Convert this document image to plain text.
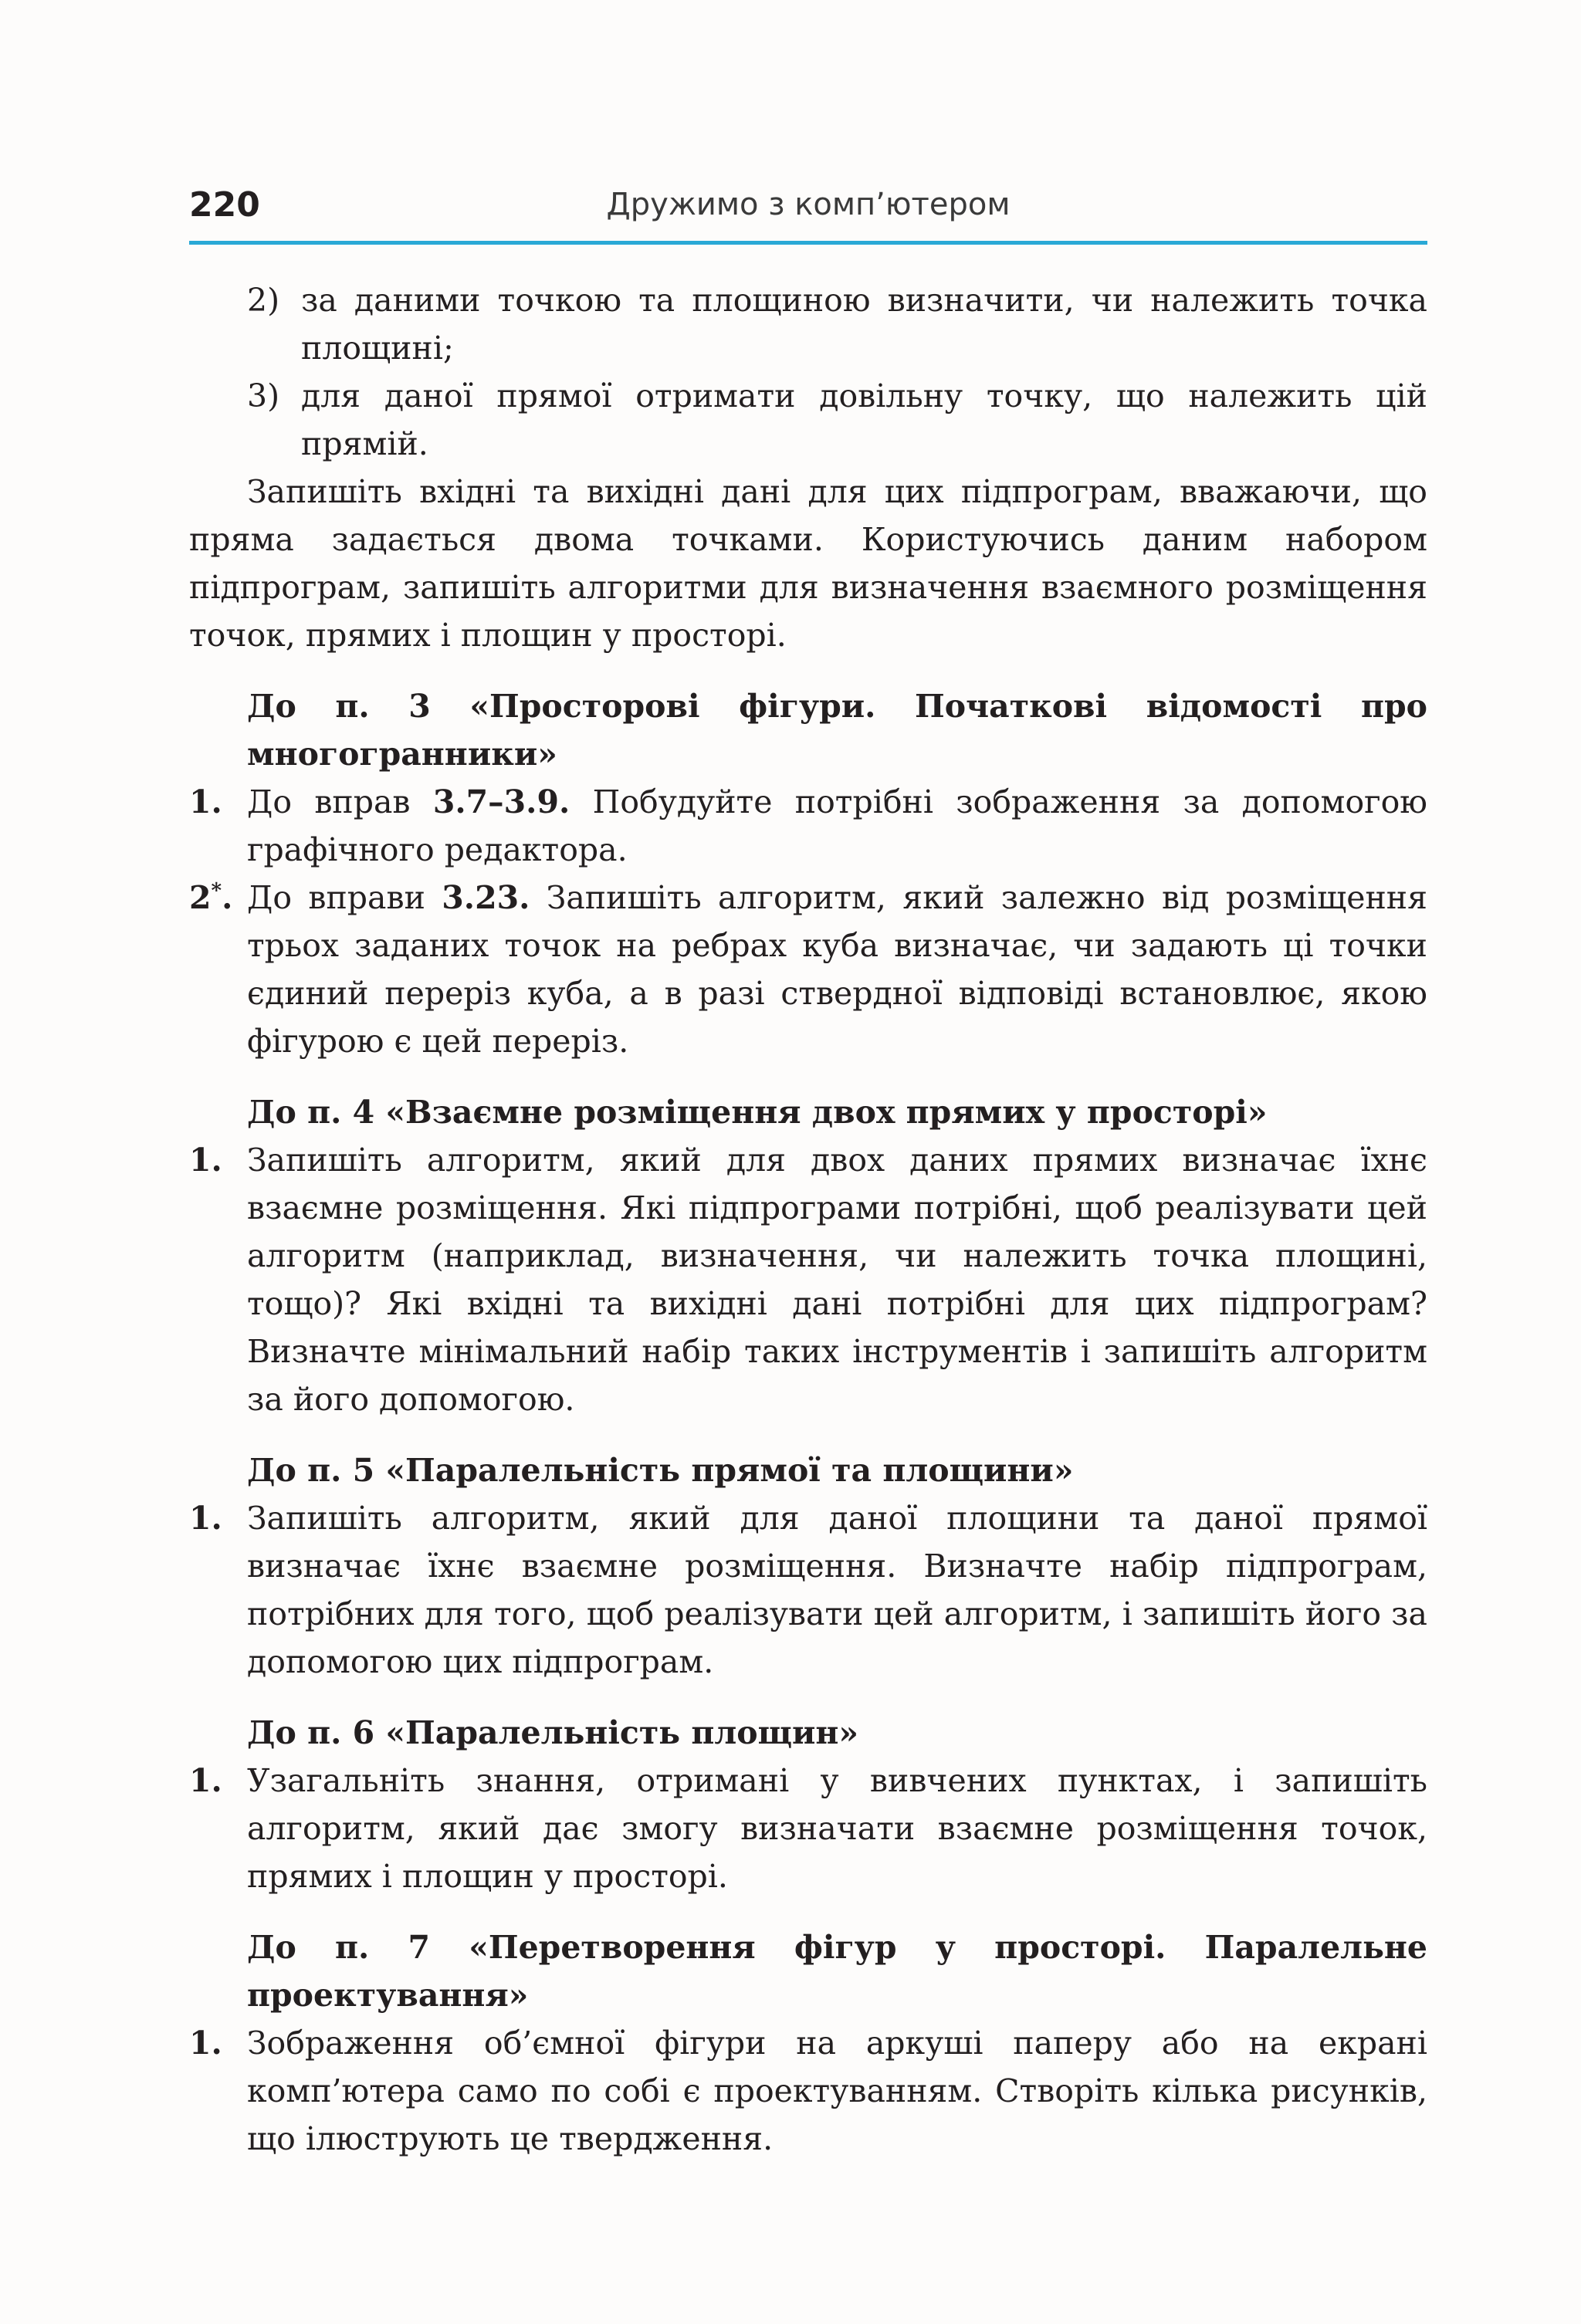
220	Дружимо з комп’ютером

2) за даними точкою та площиною визначити, чи належить точка площині;

3) для даної прямої отримати довільну точку, що належить цій прямій.

Запишіть вхідні та вихідні дані для цих підпрограм, вважаючи, що пряма задається двома точками. Користуючись даним набором підпрограм, запишіть алгоритми для визначення взаємного розміщення точок, прямих і площин у просторі.

До п. 3 «Просторові фігури. Початкові відомості про многогранники»

1. До вправ 3.7–3.9. Побудуйте потрібні зображення за допомогою графічного редактора.

2*. До вправи 3.23. Запишіть алгоритм, який залежно від розміщення трьох заданих точок на ребрах куба визначає, чи задають ці точки єдиний переріз куба, а в разі ствердної відповіді встановлює, якою фігурою є цей переріз.

До п. 4 «Взаємне розміщення двох прямих у просторі»

1. Запишіть алгоритм, який для двох даних прямих визначає їхнє взаємне розміщення. Які підпрограми потрібні, щоб реалізувати цей алгоритм (наприклад, визначення, чи належить точка площині, тощо)? Які вхідні та вихідні дані потрібні для цих підпрограм? Визначте мінімальний набір таких інструментів і запишіть алгоритм за його допомогою.

До п. 5 «Паралельність прямої та площини»

1. Запишіть алгоритм, який для даної площини та даної прямої визначає їхнє взаємне розміщення. Визначте набір підпрограм, потрібних для того, щоб реалізувати цей алгоритм, і запишіть його за допомогою цих підпрограм.

До п. 6 «Паралельність площин»

1. Узагальніть знання, отримані у вивчених пунктах, і запишіть алгоритм, який дає змогу визначати взаємне розміщення точок, прямих і площин у просторі.

До п. 7 «Перетворення фігур у просторі. Паралельне проектування»

1. Зображення об’ємної фігури на аркуші паперу або на екрані комп’ютера само по собі є проектуванням. Створіть кілька рисунків, що ілюструють це твердження.
